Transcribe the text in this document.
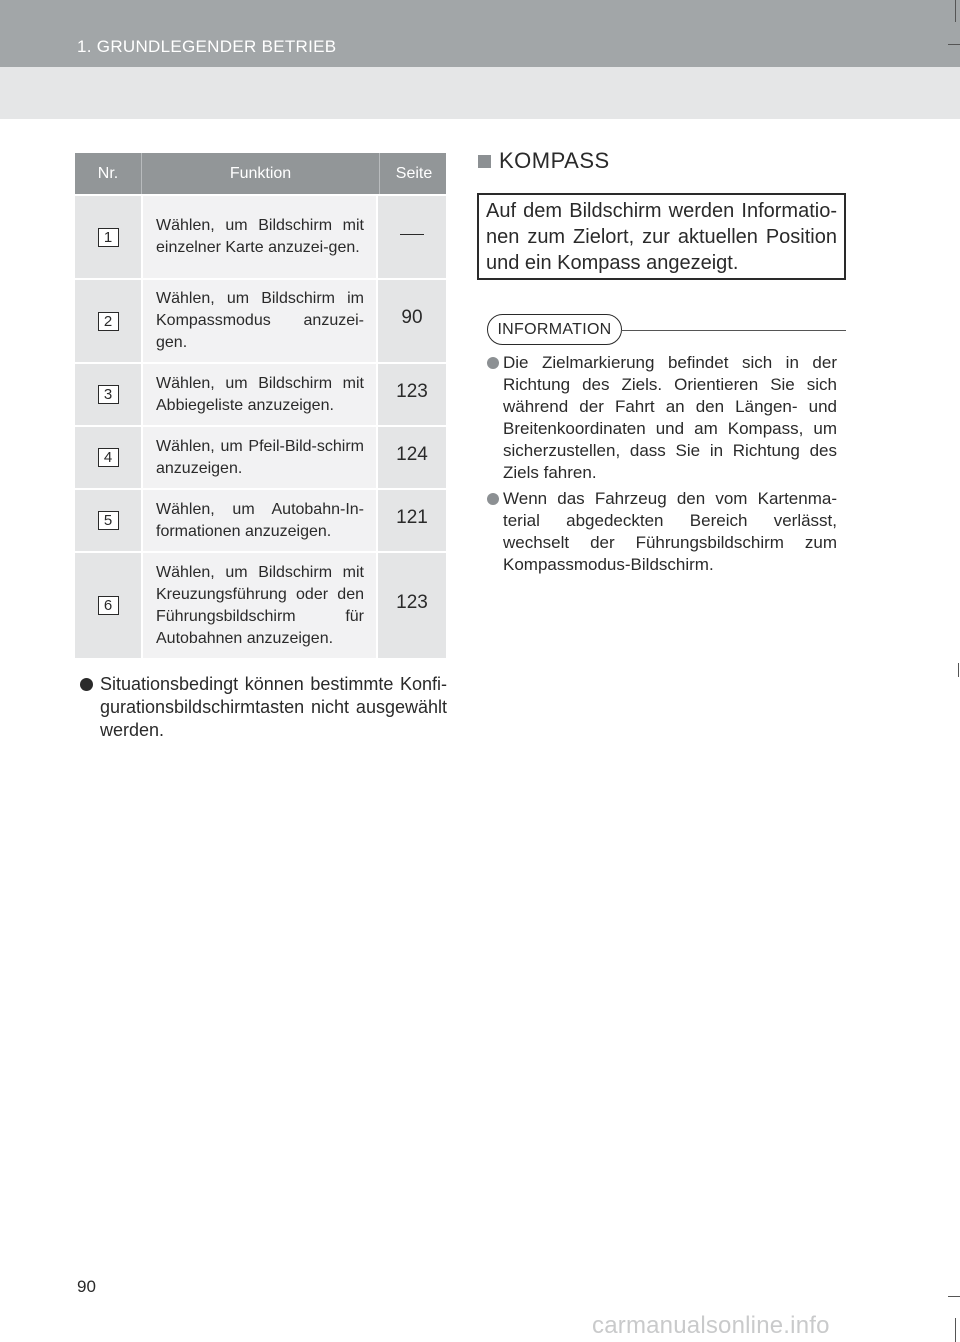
1. GRUNDLEGENDER BETRIEB
Nr.	Funktion	Seite
1
Wählen, um Bildschirm mit einzelner Karte anzuzei-gen.
2
Wählen, um Bildschirm im Kompassmodus anzuzei-gen.
90
3
Wählen, um Bildschirm mit Abbiegeliste anzuzeigen.
123
4
Wählen, um Pfeil-Bild-schirm anzuzeigen.
124
5
Wählen, um Autobahn-In-formationen anzuzeigen.
121
6
Wählen, um Bildschirm mit Kreuzungsführung oder den Führungsbildschirm für Autobahnen anzuzeigen.
123
Situationsbedingt können bestimmte Konfi-gurationsbildschirmtasten nicht ausgewählt werden.
KOMPASS
Auf dem Bildschirm werden Informatio-nen zum Zielort, zur aktuellen Position und ein Kompass angezeigt.
INFORMATION
Die Zielmarkierung befindet sich in der Richtung des Ziels. Orientieren Sie sich während der Fahrt an den Längen- und Breitenkoordinaten und am Kompass, um sicherzustellen, dass Sie in Richtung des Ziels fahren.
Wenn das Fahrzeug den vom Kartenma-terial abgedeckten Bereich verlässt, wechselt der Führungsbildschirm zum Kompassmodus-Bildschirm.
90
carmanualsonline.info
